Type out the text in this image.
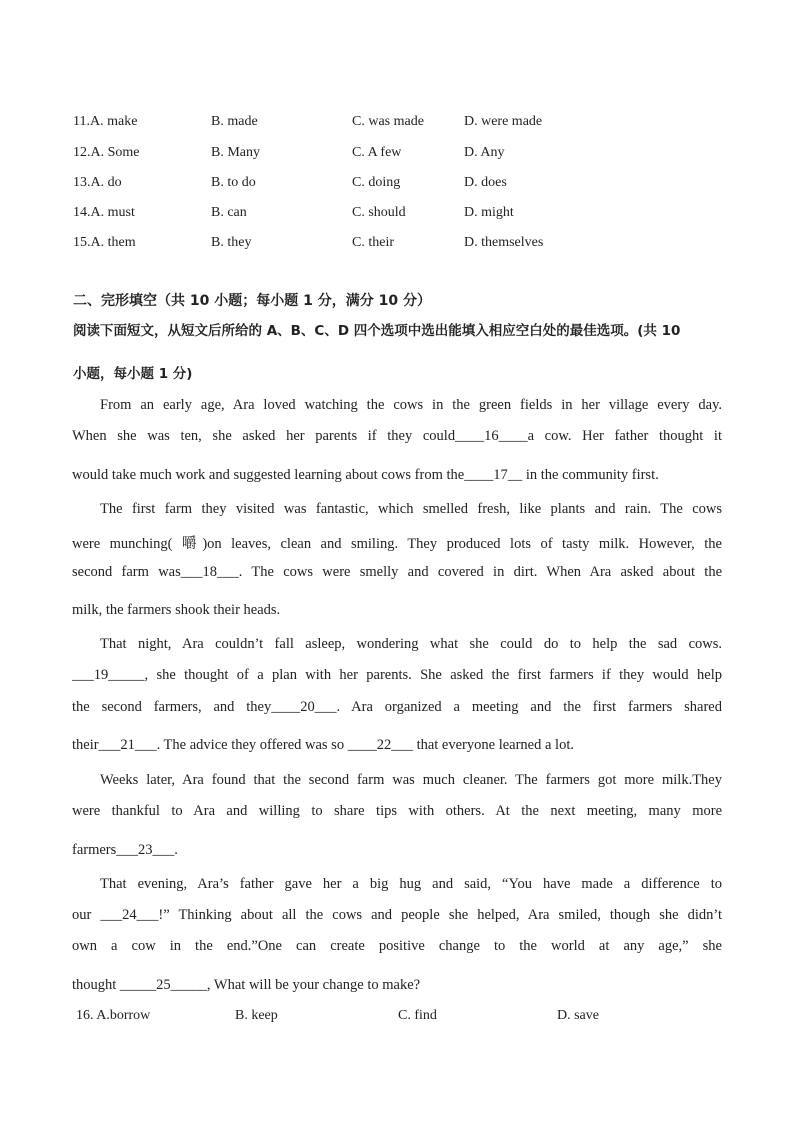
11.A. make	B. made	C. was made	D. were made
12.A. Some	B. Many	C. A few	D. Any
13.A. do	B. to do	C. doing	D. does
14.A. must	B. can	C. should	D. might
15.A. them	B. they	C. their	D. themselves
二、完形填空（共 10 小题；每小题 1 分，满分 10 分）
阅读下面短文，从短文后所给的 A、B、C、D 四个选项中选出能填入相应空白处的最佳选项。(共 10
小题，每小题 1 分)
From an early age, Ara loved watching the cows in the green fields in her village every day.
When she was ten, she asked her parents if they could____16____a cow. Her father thought it
would take much work and suggested learning about cows from the____17__ in the community first.
The first farm they visited was fantastic, which smelled fresh, like plants and rain. The cows
were munching( 嚼)on leaves, clean and smiling. They produced lots of tasty milk. However, the
second farm was___18___. The cows were smelly and covered in dirt. When Ara asked about the
milk, the farmers shook their heads.
That night, Ara couldn’t fall asleep, wondering what she could do to help the sad cows.
___19_____, she thought of a plan with her parents. She asked the first farmers if they would help
the second farmers, and they____20___. Ara organized a meeting and the first farmers shared
their___21___. The advice they offered was so ____22___ that everyone learned a lot.
Weeks later, Ara found that the second farm was much cleaner. The farmers got more milk.They
were thankful to Ara and willing to share tips with others. At the next meeting, many more
farmers___23___.
That evening, Ara’s father gave her a big hug and said, “You have made a difference to
our ___24___!” Thinking about all the cows and people she helped, Ara smiled, though she didn’t
own a cow in the end.”One can create positive change to the world at any age,” she
thought _____25_____, What will be your change to make?
16. A.borrow	B. keep	C. find	D. save
